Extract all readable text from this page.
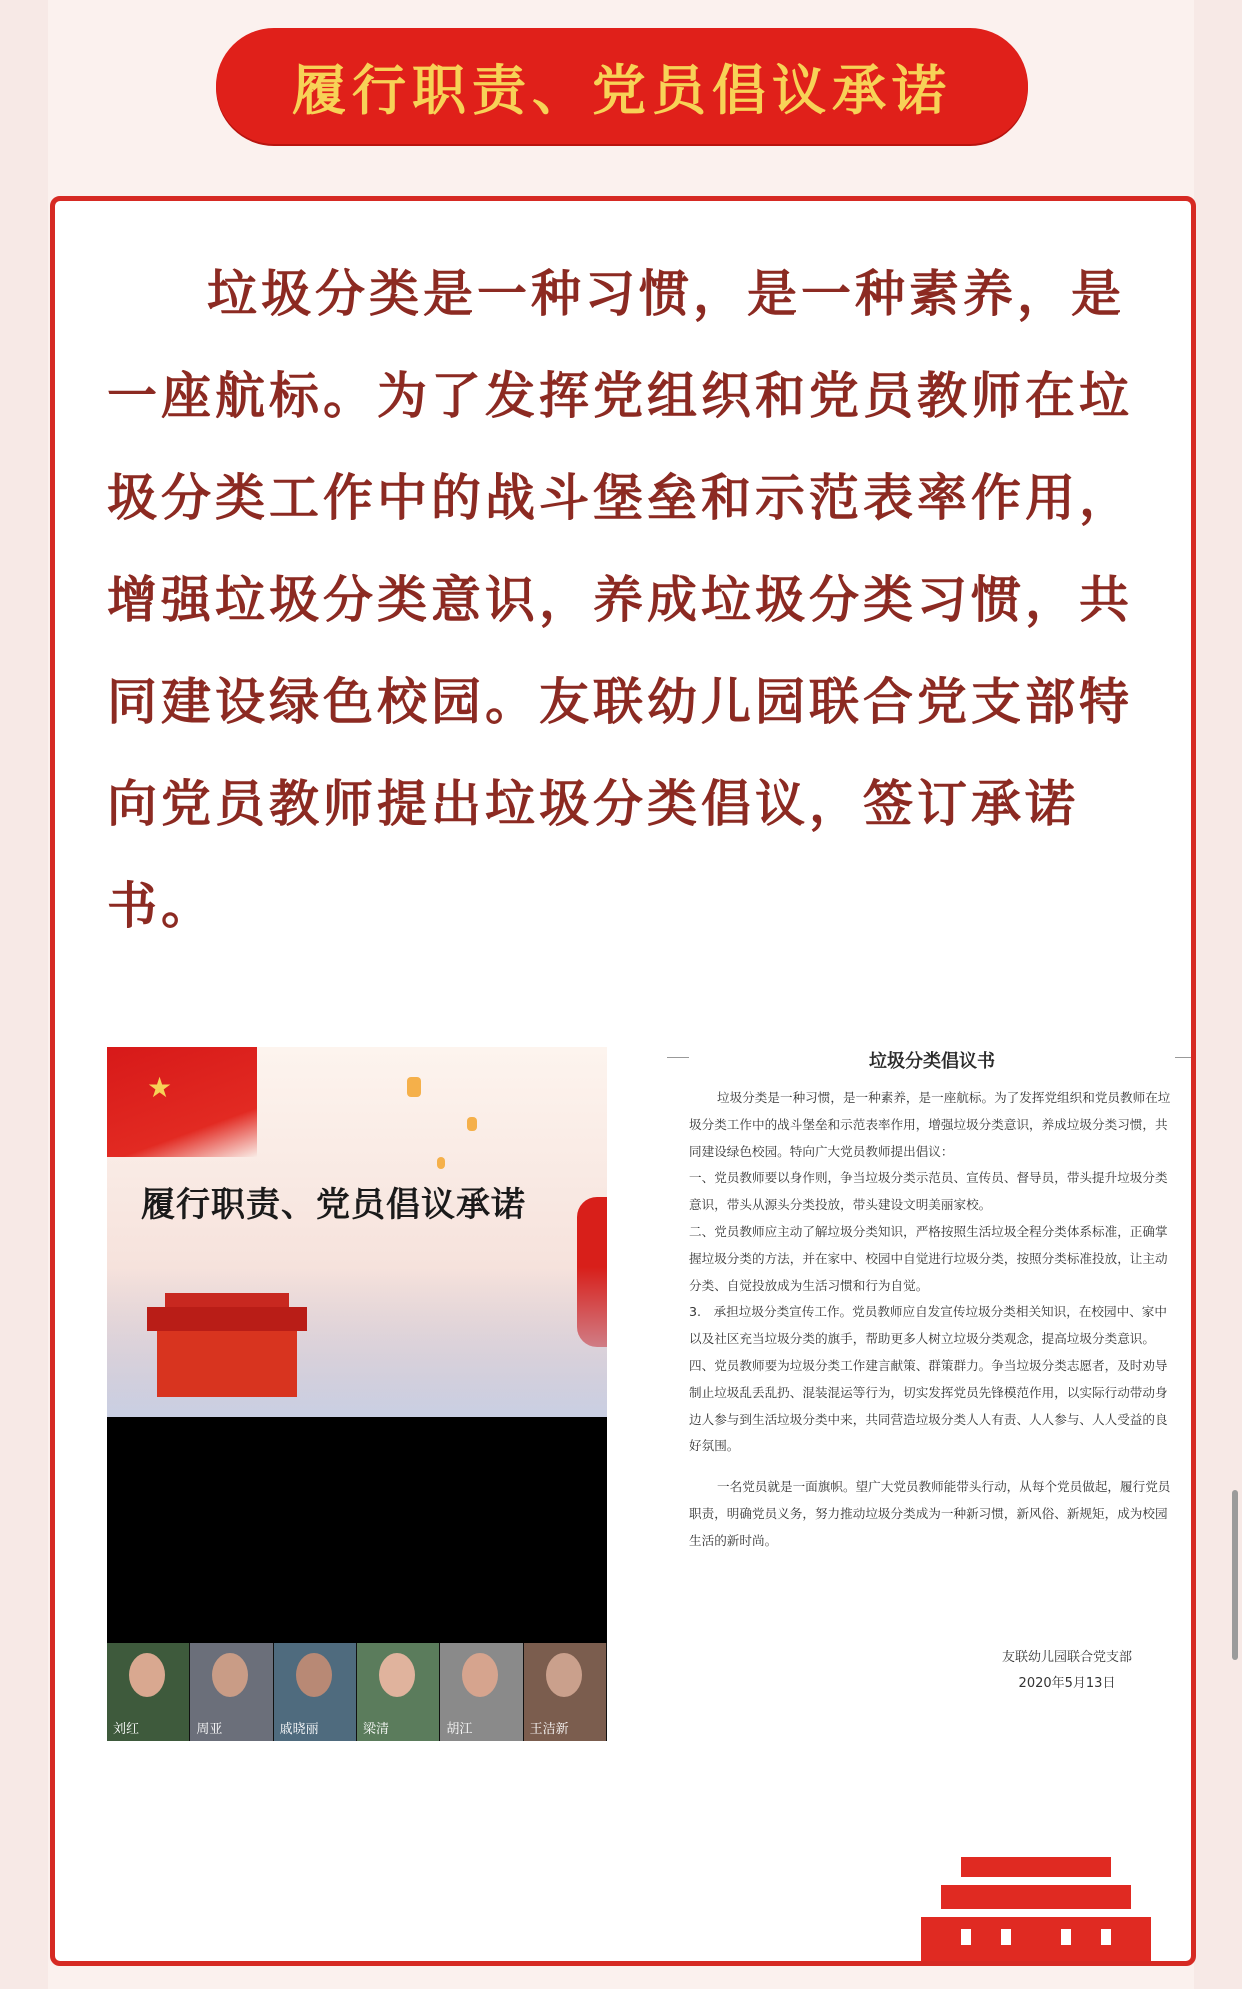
履行职责、党员倡议承诺

垃圾分类是一种习惯，是一种素养，是一座航标。为了发挥党组织和党员教师在垃圾分类工作中的战斗堡垒和示范表率作用，增强垃圾分类意识，养成垃圾分类习惯，共同建设绿色校园。友联幼儿园联合党支部特向党员教师提出垃圾分类倡议，签订承诺书。

★
履行职责、党员倡议承诺
刘红	周亚	戚晓丽	梁清	胡江	王洁新
垃圾分类倡议书

垃圾分类是一种习惯，是一种素养，是一座航标。为了发挥党组织和党员教师在垃圾分类工作中的战斗堡垒和示范表率作用，增强垃圾分类意识，养成垃圾分类习惯，共同建设绿色校园。特向广大党员教师提出倡议：

一、党员教师要以身作则，争当垃圾分类示范员、宣传员、督导员，带头提升垃圾分类意识，带头从源头分类投放，带头建设文明美丽家校。

二、党员教师应主动了解垃圾分类知识，严格按照生活垃圾全程分类体系标准，正确掌握垃圾分类的方法，并在家中、校园中自觉进行垃圾分类，按照分类标准投放，让主动分类、自觉投放成为生活习惯和行为自觉。

3.　承担垃圾分类宣传工作。党员教师应自发宣传垃圾分类相关知识，在校园中、家中以及社区充当垃圾分类的旗手，帮助更多人树立垃圾分类观念，提高垃圾分类意识。

四、党员教师要为垃圾分类工作建言献策、群策群力。争当垃圾分类志愿者，及时劝导制止垃圾乱丢乱扔、混装混运等行为，切实发挥党员先锋模范作用，以实际行动带动身边人参与到生活垃圾分类中来，共同营造垃圾分类人人有责、人人参与、人人受益的良好氛围。

一名党员就是一面旗帜。望广大党员教师能带头行动，从每个党员做起，履行党员职责，明确党员义务，努力推动垃圾分类成为一种新习惯，新风俗、新规矩，成为校园生活的新时尚。

友联幼儿园联合党支部
2020年5月13日
